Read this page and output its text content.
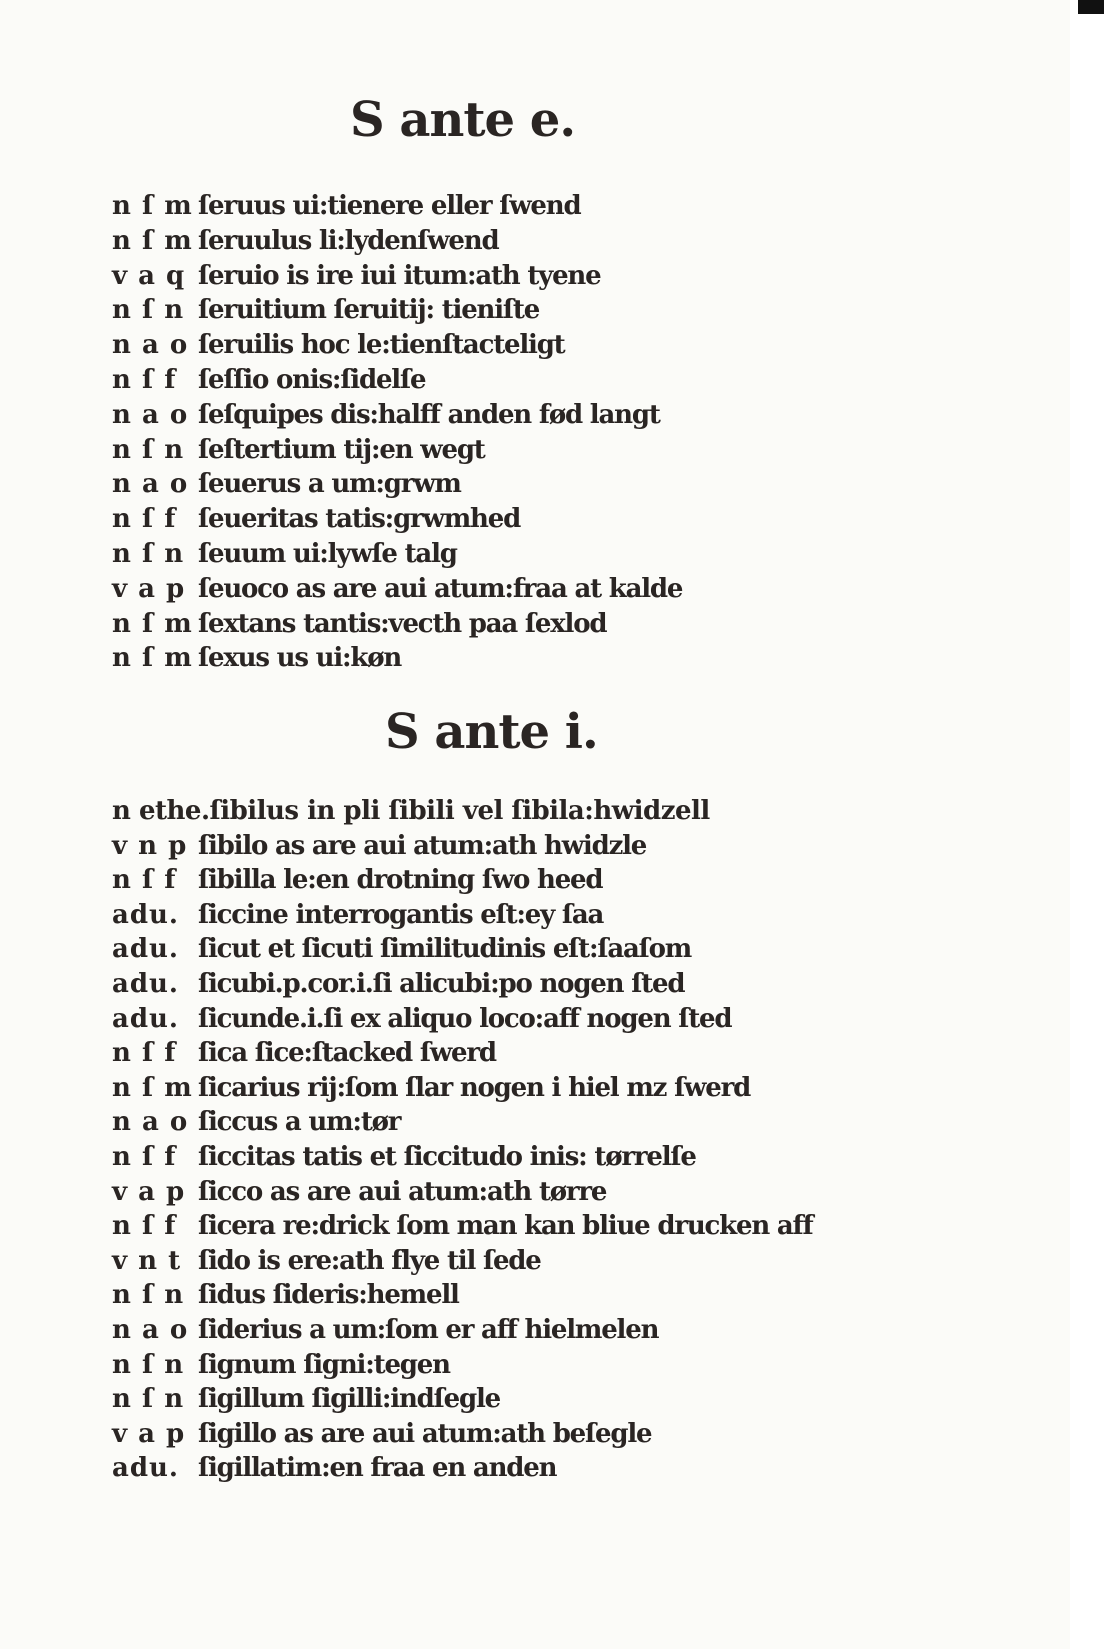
S ante e.
n ſ m ſeruus ui:tienere eller ſwend
n ſ m ſeruulus li:lydenſwend
v a q ſeruio is ire iui itum:ath tyene
n ſ n ſeruitium ſeruitij: tieniſte
n a o ſeruilis hoc le:tienſtacteligt
n ſ f ſeſſio onis:ſidelſe
n a o ſeſquipes dis:halff anden fød langt
n ſ n ſeſtertium tij:en wegt
n a o ſeuerus a um:grwm
n ſ f ſeueritas tatis:grwmhed
n ſ n ſeuum ui:lywſe talg
v a p ſeuoco as are aui atum:fraa at kalde
n ſ m ſextans tantis:vecth paa ſexlod
n ſ m ſexus us ui:køn
S ante i.
n ethe.ſibilus in pli ſibili vel ſibila:hwidzell
v n p ſibilo as are aui atum:ath hwidzle
n ſ f ſibilla le:en drotning ſwo heed
adu. ſiccine interrogantis eſt:ey ſaa
adu. ſicut et ſicuti ſimilitudinis eſt:ſaaſom
adu. ſicubi.p.cor.i.ſi alicubi:po nogen ſted
adu. ſicunde.i.ſi ex aliquo loco:aff nogen ſted
n ſ f ſica ſice:ſtacked ſwerd
n ſ m ſicarius rij:ſom ſlar nogen i hiel mz ſwerd
n a o ſiccus a um:tør
n ſ f ſiccitas tatis et ſiccitudo inis: tørrelſe
v a p ſicco as are aui atum:ath tørre
n ſ f ſicera re:drick ſom man kan bliue drucken aff
v n t ſido is ere:ath flye til ſede
n ſ n ſidus ſideris:hemell
n a o ſiderius a um:ſom er aff hielmelen
n ſ n ſignum ſigni:tegen
n ſ n ſigillum ſigilli:indſegle
v a p ſigillo as are aui atum:ath beſegle
adu. ſigillatim:en fraa en anden
